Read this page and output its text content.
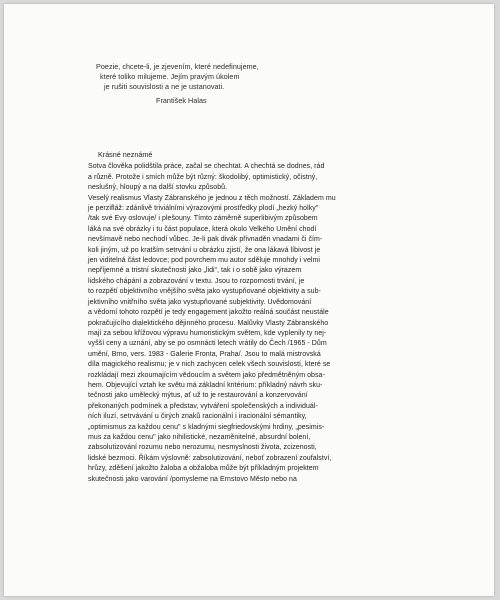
Poezie, chcete-li, je zjevením, které nedefinujeme,
které toliko milujeme. Jejím pravým úkolem
je rušiti souvislosti a ne je ustanovati.
František Halas
Krásné neznámé
Sotva člověka polidštila práce, začal se chechtat. A chechtá se dodnes, rád
a různě. Protože i smích může být různý: škodolibý, optimistický, očistný,
neslušný, hloupý a na další stovku způsobů.
Veselý realismus Vlasty Zábranského je jednou z těch možností. Základem mu
je perzifláž: zdánlivě triviálními výrazovými prostředky plodí „hezký holky"
/tak své Evy oslovuje/ i plešouny. Tímto záměrně superlibivým způsobem
láká na své obrázky i tu část populace, která okolo Velkého Umění chodí
nevšímavě nebo nechodí vůbec. Je-li pak divák přivnaděn vnadami či čím-
koli jiným, už po kratším setrvání u obrázku zjistí, že ona lákavá líbivost je
jen viditelná část ledovce; pod povrchem mu autor sděluje mnohdy i velmi
nepříjemné a tristní skutečnosti jako „lidi“, tak i o sobě jako výrazem
lidského chápání a zobrazování v textu. Jsou to rozpornosti trvání, je
to rozpětí objektivního vnějšího světa jako vystupňované objektivity a sub-
jektivního vnitřního světa jako vystupňované subjektivity. Uvědomování
a vědomí tohoto rozpětí je tedy engagement jakožto reálná součást neustále
pokračujícího dialektického dějinného procesu. Malůvky Vlasty Zábranského
mají za sebou křížovou výpravu humoristickým světem, kde vyplenily ty nej-
vyšší ceny a uznání, aby se po osmnácti letech vrátily do Čech /1965 - Dům
umění, Brno, vers. 1983 - Galerie Fronta, Praha/. Jsou to malá mistrovská
díla magického realismu; je v nich zachycen celek všech souvislostí, které se
rozkládají mezi zkoumajícím vědoucím a světem jako předmětněným obsa-
hem. Objevující vztah ke světu má základní kritérium: příkladný návrh sku-
tečnosti jako umělecký mýtus, ať už to je restaurování a konzervování
překonaných podmínek a představ, vytváření společenských a individuál-
ních iluzí, setrvávání u čirých znaků racionální i iracionální sémantiky,
„optimismus za každou cenu" s kladnými siegfriedovskými hrdiny, „pesimis-
mus za každou cenu" jako nihilistické, nezaměnitelné, absurdní bolení,
zabsolutizování rozumu nebo nerozumu, nesmyslnosti života, zcizenosti,
lidské bezmoci. Říkám výslovně: zabsolutizování, neboť zobrazení zoufalství,
hrůzy, zděšení jakožto žaloba a obžaloba může být příkladným projektem
skutečnosti jako varování /pomysleme na Ernstovo Město nebo na
